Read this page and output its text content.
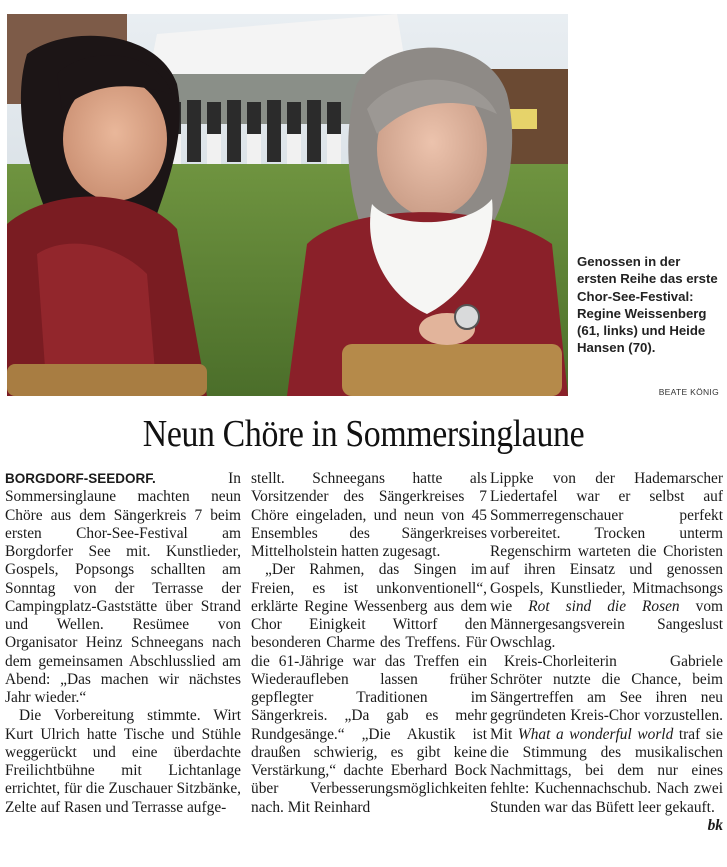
Genossen in der ersten Reihe das erste Chor-See-Festival: Regine Weissenberg (61, links) und Heide Hansen (70).
BEATE KÖNIG
Neun Chöre in Sommersinglaune

BORGDORF-SEEDORF. In Sommersinglaune machten neun Chöre aus dem Sängerkreis 7 beim ersten Chor-See-Festival am Borgdorfer See mit. Kunstlieder, Gospels, Popsongs schallten am Sonntag von der Terrasse der Campingplatz-Gaststätte über Strand und Wellen. Resümee von Organisator Heinz Schneegans nach dem gemeinsamen Abschlusslied am Abend: „Das machen wir nächstes Jahr wieder.“

Die Vorbereitung stimmte. Wirt Kurt Ulrich hatte Tische und Stühle weggerückt und eine überdachte Freilichtbühne mit Lichtanlage errichtet, für die Zuschauer Sitzbänke, Zelte auf Rasen und Terrasse aufge-

stellt. Schneegans hatte als Vorsitzender des Sängerkreises 7 Chöre eingeladen, und neun von 45 Ensembles des Sängerkreises Mittelholstein hatten zugesagt.

„Der Rahmen, das Singen im Freien, es ist unkonventionell“, erklärte Regine Wessenberg aus dem Chor Einigkeit Wittorf den besonderen Charme des Treffens. Für die 61-Jährige war das Treffen ein Wiederaufleben lassen früher gepflegter Traditionen im Sängerkreis. „Da gab es mehr Rundgesänge.“ „Die Akustik ist draußen schwierig, es gibt keine Verstärkung,“ dachte Eberhard Bock über Verbesserungsmöglichkeiten nach. Mit Reinhard

Lippke von der Hademarscher Liedertafel war er selbst auf Sommerregenschauer perfekt vorbereitet. Trocken unterm Regenschirm warteten die Choristen auf ihren Einsatz und genossen Gospels, Kunstlieder, Mitmachsongs wie Rot sind die Rosen vom Männergesangsverein Sangeslust Owschlag.

Kreis-Chorleiterin Gabriele Schröter nutzte die Chance, beim Sängertreffen am See ihren neu gegründeten Kreis-Chor vorzustellen. Mit What a wonderful world traf sie die Stimmung des musikalischen Nachmittags, bei dem nur eines fehlte: Kuchennachschub. Nach zwei Stunden war das Büfett leer gekauft.
bk
